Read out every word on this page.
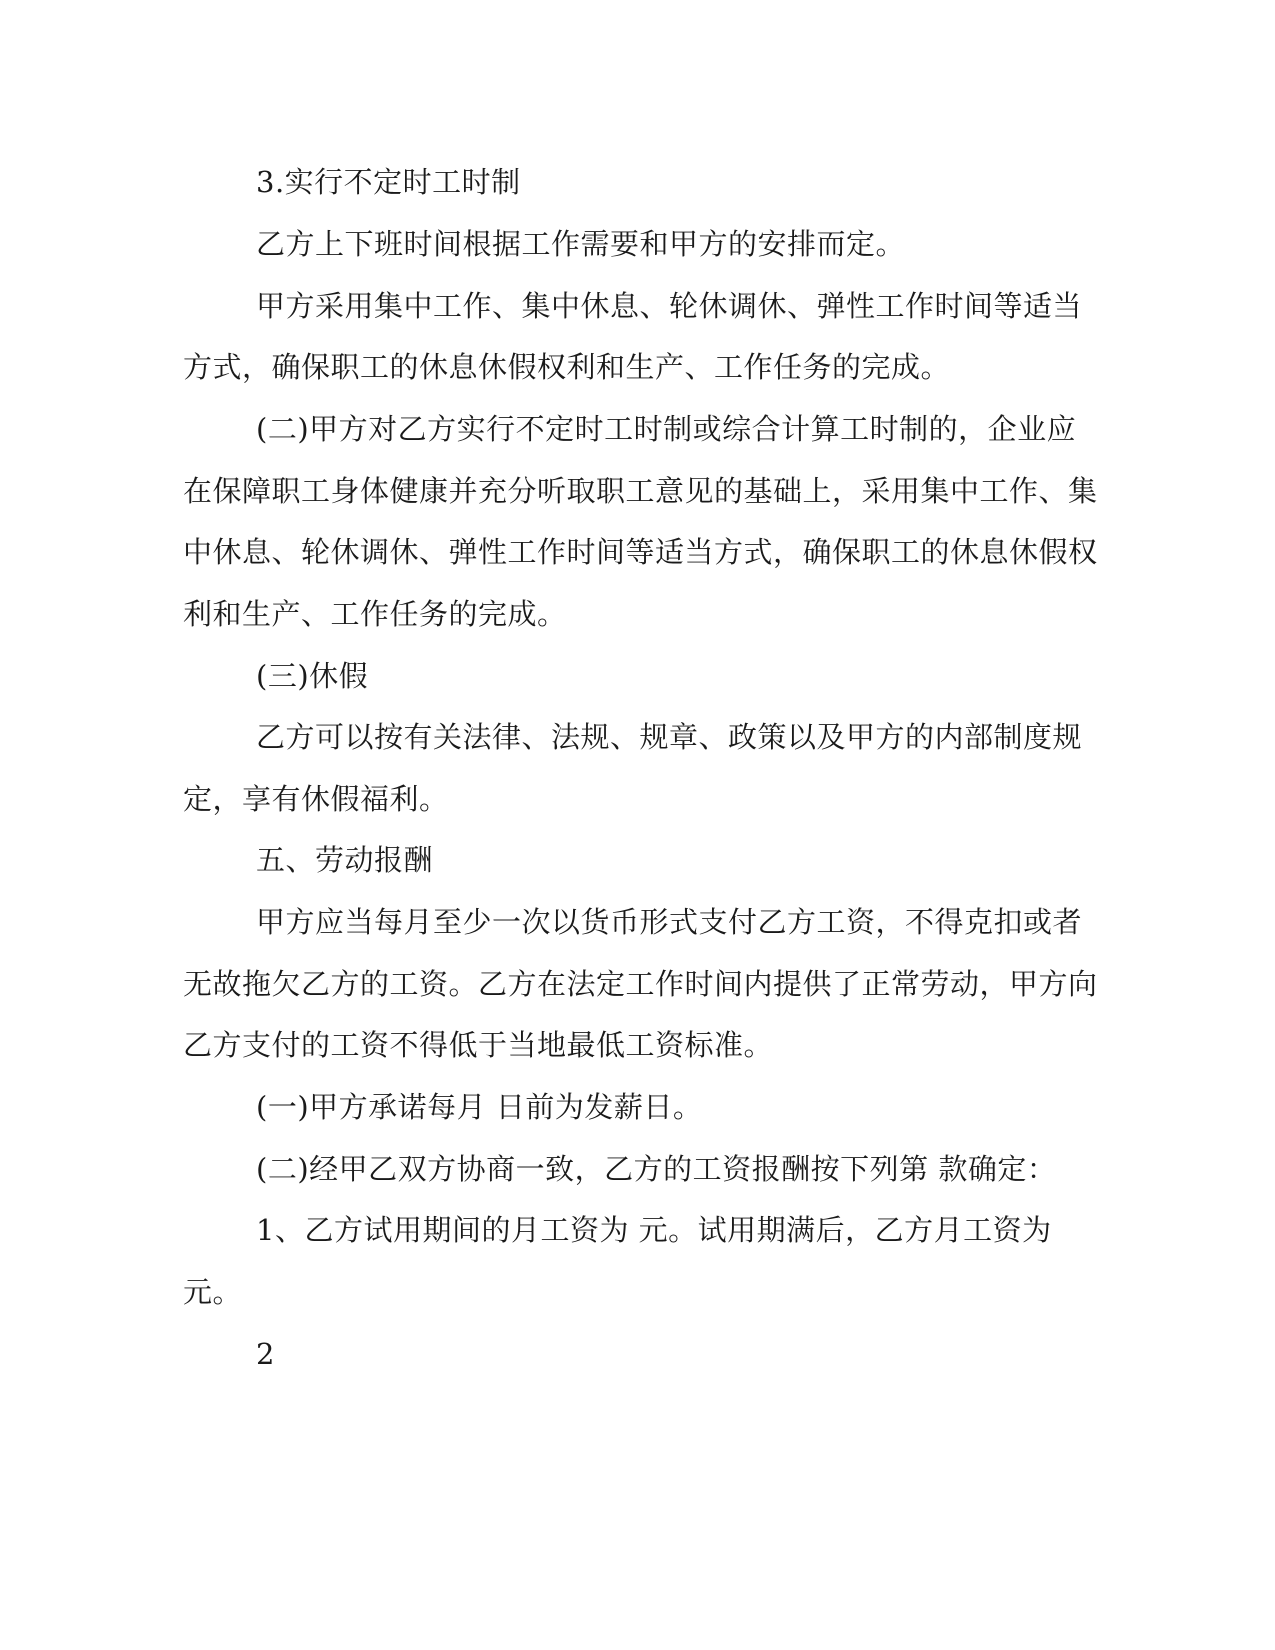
3.实行不定时工时制
乙方上下班时间根据工作需要和甲方的安排而定。
甲方采用集中工作、集中休息、轮休调休、弹性工作时间等适当
方式，确保职工的休息休假权利和生产、工作任务的完成。
(二)甲方对乙方实行不定时工时制或综合计算工时制的，企业应
在保障职工身体健康并充分听取职工意见的基础上，采用集中工作、集
中休息、轮休调休、弹性工作时间等适当方式，确保职工的休息休假权
利和生产、工作任务的完成。
(三)休假
乙方可以按有关法律、法规、规章、政策以及甲方的内部制度规
定，享有休假福利。
五、劳动报酬
甲方应当每月至少一次以货币形式支付乙方工资，不得克扣或者
无故拖欠乙方的工资。乙方在法定工作时间内提供了正常劳动，甲方向
乙方支付的工资不得低于当地最低工资标准。
(一)甲方承诺每月 日前为发薪日。
(二)经甲乙双方协商一致，乙方的工资报酬按下列第 款确定：
1、乙方试用期间的月工资为 元。试用期满后，乙方月工资为
元。
2
